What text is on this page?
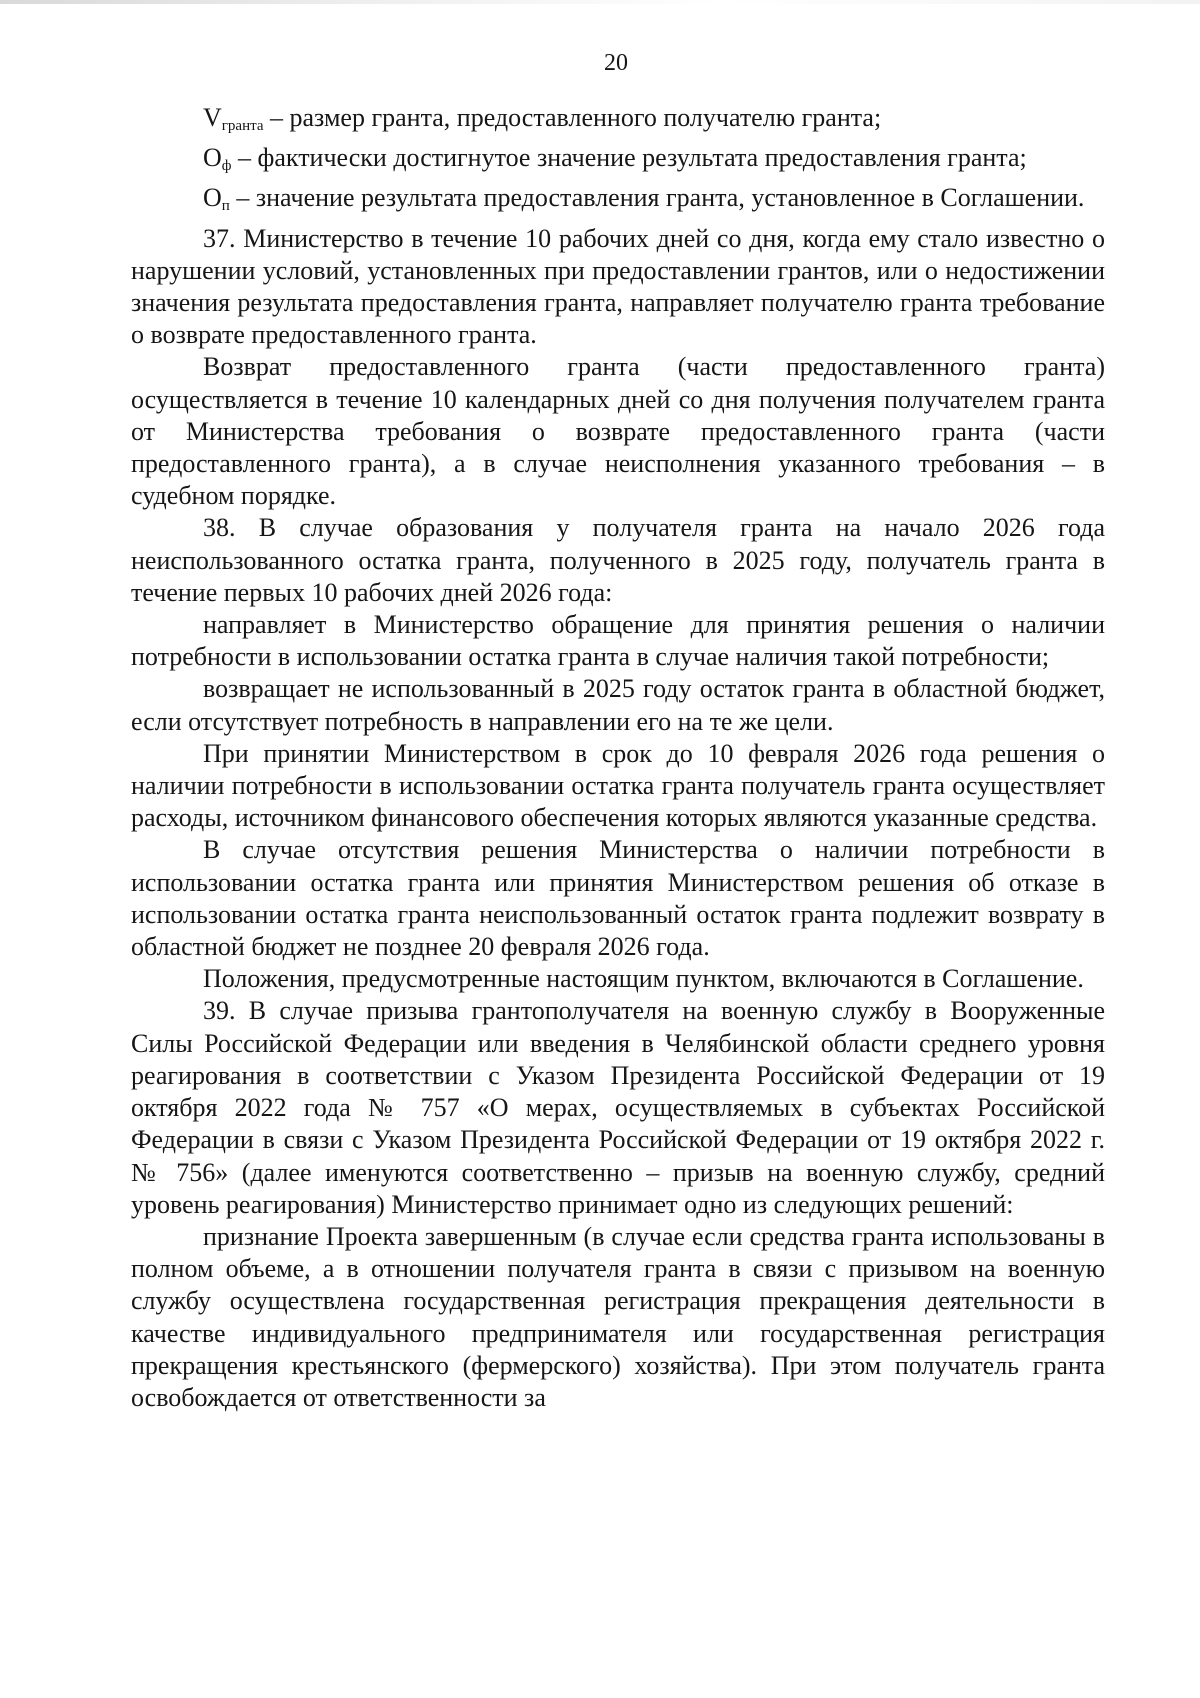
20

$V_{гранта}$ – размер гранта, предоставленного получателю гранта;

$О_ф$ – фактически достигнутое значение результата предоставления гранта;

$О_п$ – значение результата предоставления гранта, установленное в Соглашении.

37. Министерство в течение 10 рабочих дней со дня, когда ему стало известно о нарушении условий, установленных при предоставлении грантов, или о недостижении значения результата предоставления гранта, направляет получателю гранта требование о возврате предоставленного гранта.

Возврат предоставленного гранта (части предоставленного гранта) осуществляется в течение 10 календарных дней со дня получения получателем гранта от Министерства требования о возврате предоставленного гранта (части предоставленного гранта), а в случае неисполнения указанного требования – в судебном порядке.

38. В случае образования у получателя гранта на начало 2026 года неиспользованного остатка гранта, полученного в 2025 году, получатель гранта в течение первых 10 рабочих дней 2026 года:

направляет в Министерство обращение для принятия решения о наличии потребности в использовании остатка гранта в случае наличия такой потребности;

возвращает не использованный в 2025 году остаток гранта в областной бюджет, если отсутствует потребность в направлении его на те же цели.

При принятии Министерством в срок до 10 февраля 2026 года решения о наличии потребности в использовании остатка гранта получатель гранта осуществляет расходы, источником финансового обеспечения которых являются указанные средства.

В случае отсутствия решения Министерства о наличии потребности в использовании остатка гранта или принятия Министерством решения об отказе в использовании остатка гранта неиспользованный остаток гранта подлежит возврату в областной бюджет не позднее 20 февраля 2026 года.

Положения, предусмотренные настоящим пунктом, включаются в Соглашение.

39. В случае призыва грантополучателя на военную службу в Вооруженные Силы Российской Федерации или введения в Челябинской области среднего уровня реагирования в соответствии с Указом Президента Российской Федерации от 19 октября 2022 года № 757 «О мерах, осуществляемых в субъектах Российской Федерации в связи с Указом Президента Российской Федерации от 19 октября 2022 г. № 756» (далее именуются соответственно – призыв на военную службу, средний уровень реагирования) Министерство принимает одно из следующих решений:

признание Проекта завершенным (в случае если средства гранта использованы в полном объеме, а в отношении получателя гранта в связи с призывом на военную службу осуществлена государственная регистрация прекращения деятельности в качестве индивидуального предпринимателя или государственная регистрация прекращения крестьянского (фермерского) хозяйства). При этом получатель гранта освобождается от ответственности за
